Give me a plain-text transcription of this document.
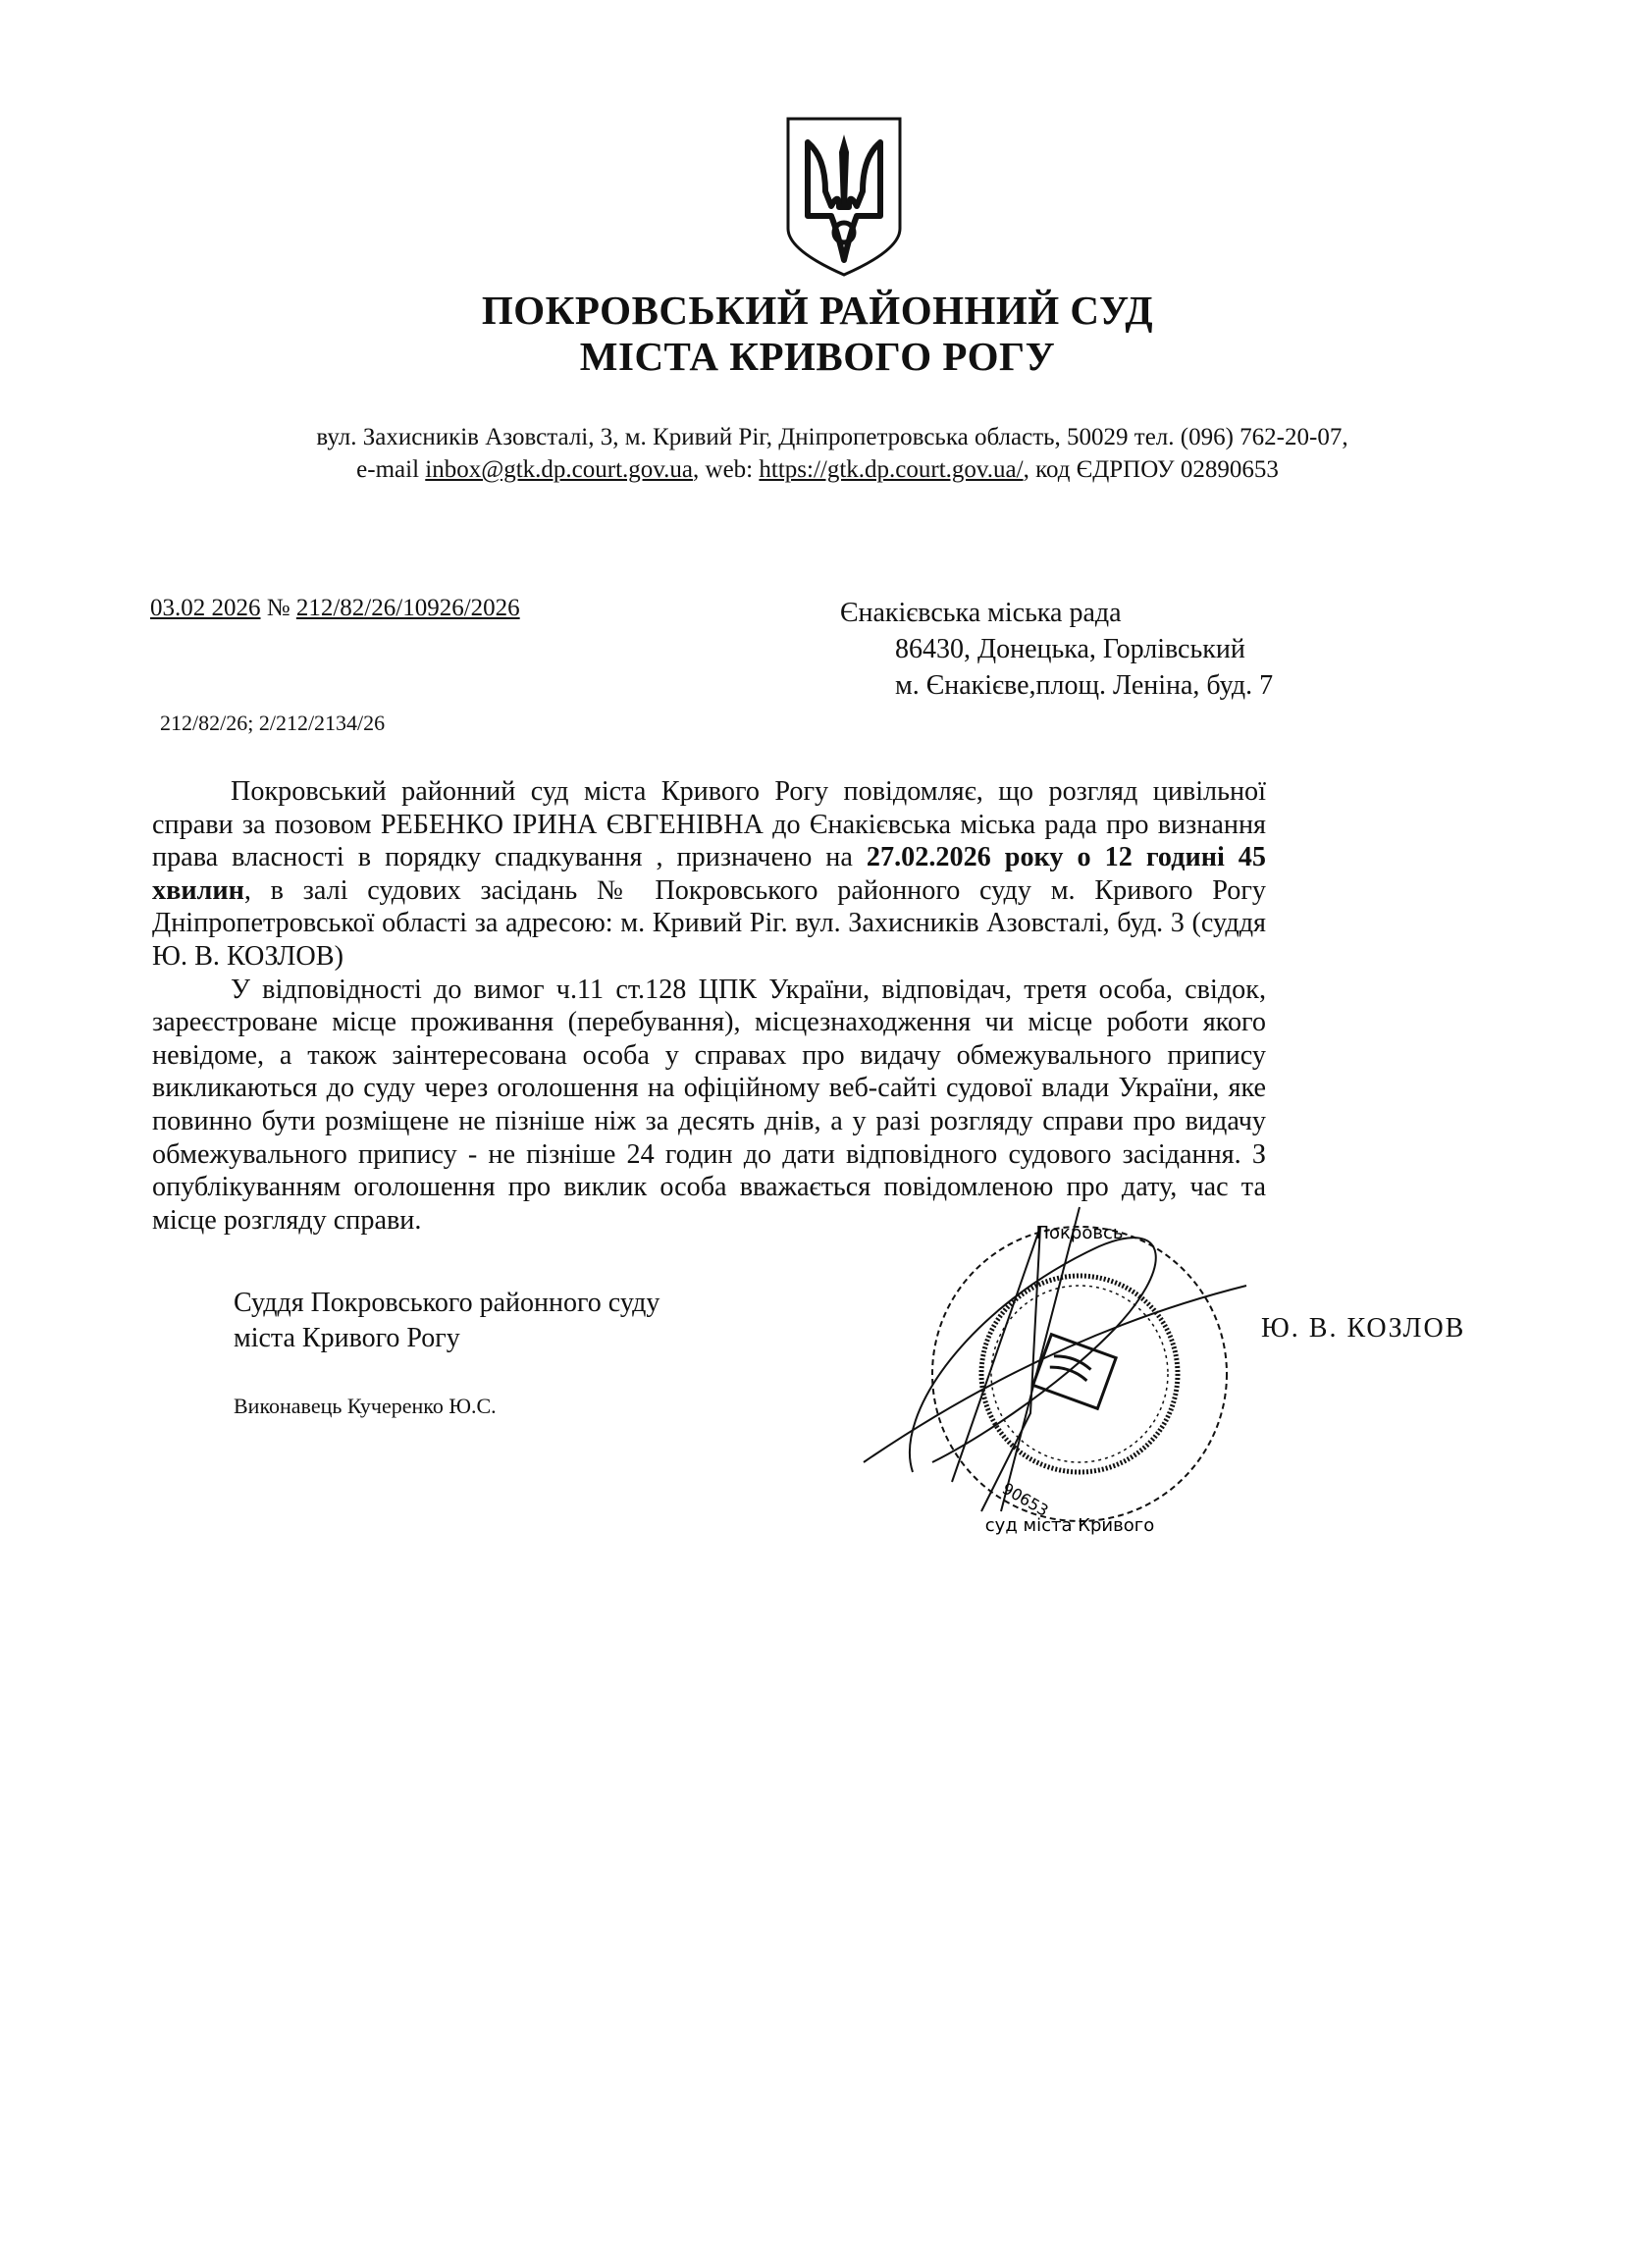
ПОКРОВСЬКИЙ РАЙОННИЙ СУД
МІСТА КРИВОГО РОГУ
вул. Захисників Азовсталі, 3, м. Кривий Ріг, Дніпропетровська область, 50029 тел. (096) 762-20-07,
e-mail inbox@gtk.dp.court.gov.ua, web: https://gtk.dp.court.gov.ua/, код ЄДРПОУ 02890653
03.02 2026 № 212/82/26/10926/2026
212/82/26; 2/212/2134/26
Єнакієвська міська рада
86430, Донецька, Горлівський
м. Єнакієве,площ. Леніна, буд. 7

Покровський районний суд міста Кривого Рогу повідомляє, що розгляд цивільної справи за позовом РЕБЕНКО ІРИНА ЄВГЕНІВНА до Єнакієвська міська рада про визнання права власності в порядку спадкування , призначено на 27.02.2026 року о 12 годині 45 хвилин, в залі судових засідань № Покровського районного суду м. Кривого Рогу Дніпропетровської області за адресою: м. Кривий Ріг. вул. Захисників Азовсталі, буд. 3 (суддя Ю. В. КОЗЛОВ)

У відповідності до вимог ч.11 ст.128 ЦПК України, відповідач, третя особа, свідок, зареєстроване місце проживання (перебування), місцезнаходження чи місце роботи якого невідоме, а також заінтересована особа у справах про видачу обмежувального припису викликаються до суду через оголошення на офіційному веб-сайті судової влади України, яке повинно бути розміщене не пізніше ніж за десять днів, а у разі розгляду справи про видачу обмежувального припису - не пізніше 24 годин до дати відповідного судового засідання. З опублікуванням оголошення про виклик особа вважається повідомленою про дату, час та місце розгляду справи.	Покровсь
суд міста Кривого
90653
Суддя Покровського районного суду
міста Кривого Рогу
Виконавець Кучеренко Ю.С.
Ю. В. КОЗЛОВ
